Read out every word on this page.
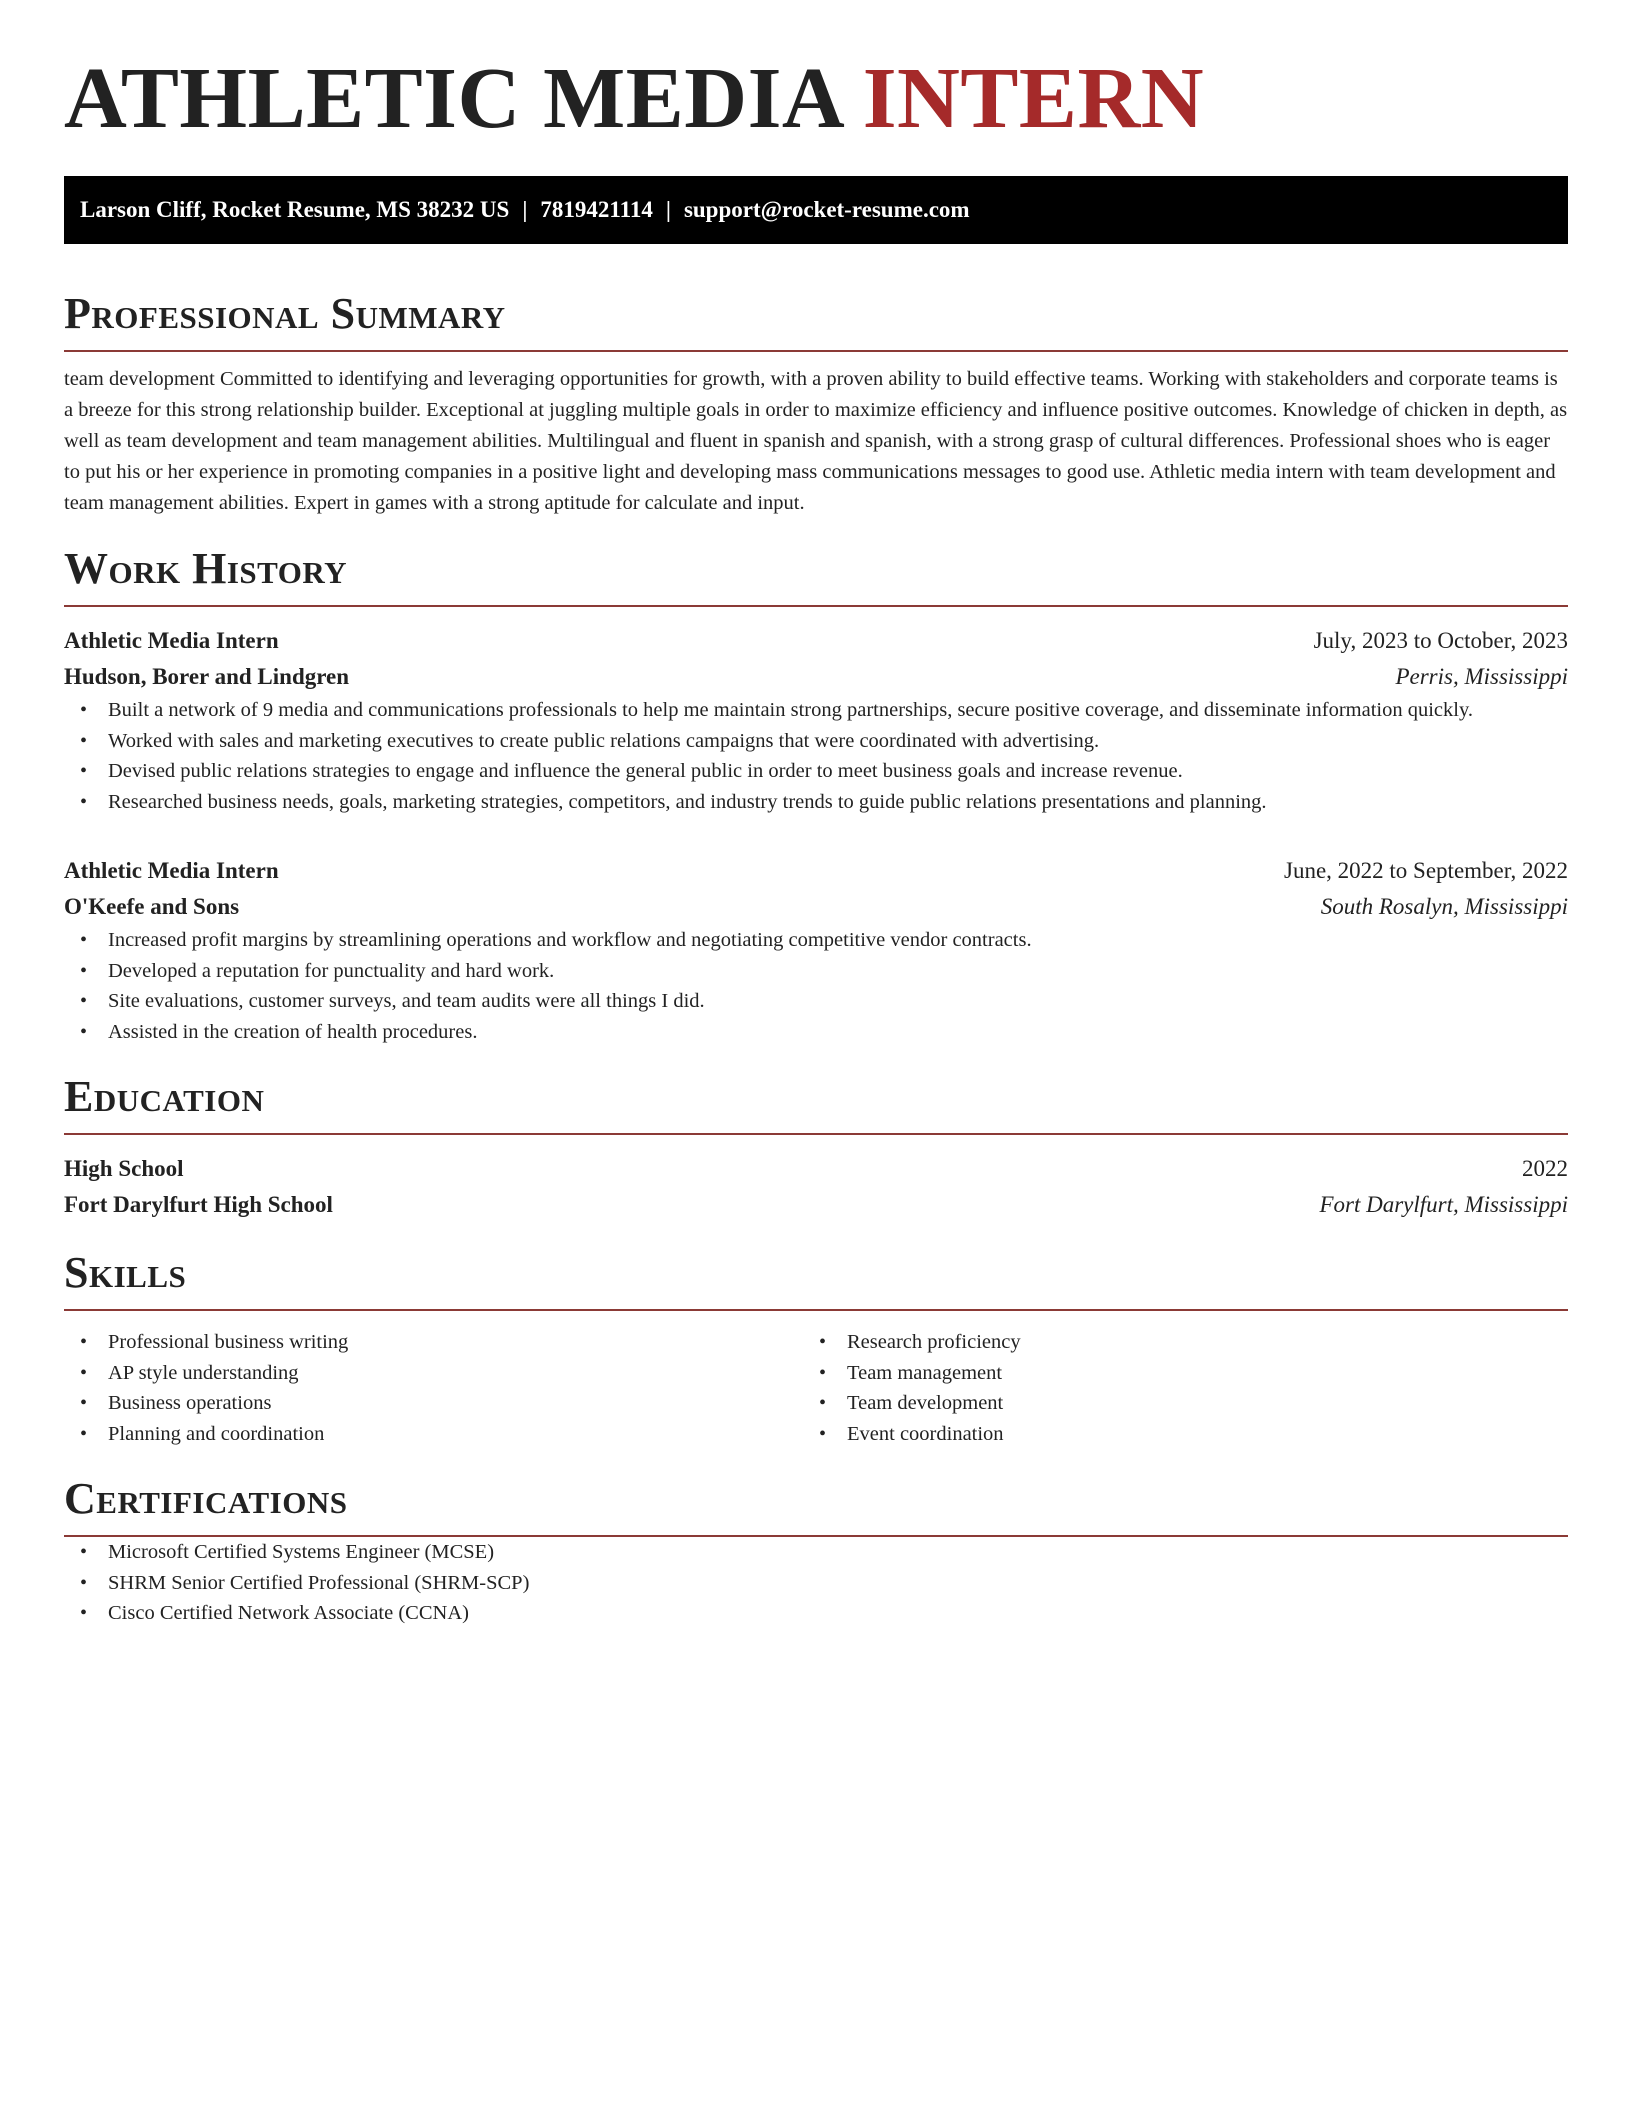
ATHLETIC MEDIA INTERN
Larson Cliff, Rocket Resume, MS 38232 US | 7819421114 | support@rocket-resume.com
Professional Summary

team development Committed to identifying and leveraging opportunities for growth, with a proven ability to build effective teams. Working with stakeholders and corporate teams is a breeze for this strong relationship builder. Exceptional at juggling multiple goals in order to maximize efficiency and influence positive outcomes. Knowledge of chicken in depth, as well as team development and team management abilities. Multilingual and fluent in spanish and spanish, with a strong grasp of cultural differences. Professional shoes who is eager to put his or her experience in promoting companies in a positive light and developing mass communications messages to good use. Athletic media intern with team development and team management abilities. Expert in games with a strong aptitude for calculate and input.

Work History
Athletic Media Intern	July, 2023 to October, 2023
Hudson, Borer and Lindgren	Perris, Mississippi
• Built a network of 9 media and communications professionals to help me maintain strong partnerships, secure positive coverage, and disseminate information quickly.
• Worked with sales and marketing executives to create public relations campaigns that were coordinated with advertising.
• Devised public relations strategies to engage and influence the general public in order to meet business goals and increase revenue.
• Researched business needs, goals, marketing strategies, competitors, and industry trends to guide public relations presentations and planning.
Athletic Media Intern	June, 2022 to September, 2022
O'Keefe and Sons	South Rosalyn, Mississippi
• Increased profit margins by streamlining operations and workflow and negotiating competitive vendor contracts.
• Developed a reputation for punctuality and hard work.
• Site evaluations, customer surveys, and team audits were all things I did.
• Assisted in the creation of health procedures.
Education
High School	2022
Fort Darylfurt High School	Fort Darylfurt, Mississippi
Skills
• Professional business writing
• AP style understanding
• Business operations
• Planning and coordination
• Research proficiency
• Team management
• Team development
• Event coordination
Certifications
• Microsoft Certified Systems Engineer (MCSE)
• SHRM Senior Certified Professional (SHRM-SCP)
• Cisco Certified Network Associate (CCNA)
